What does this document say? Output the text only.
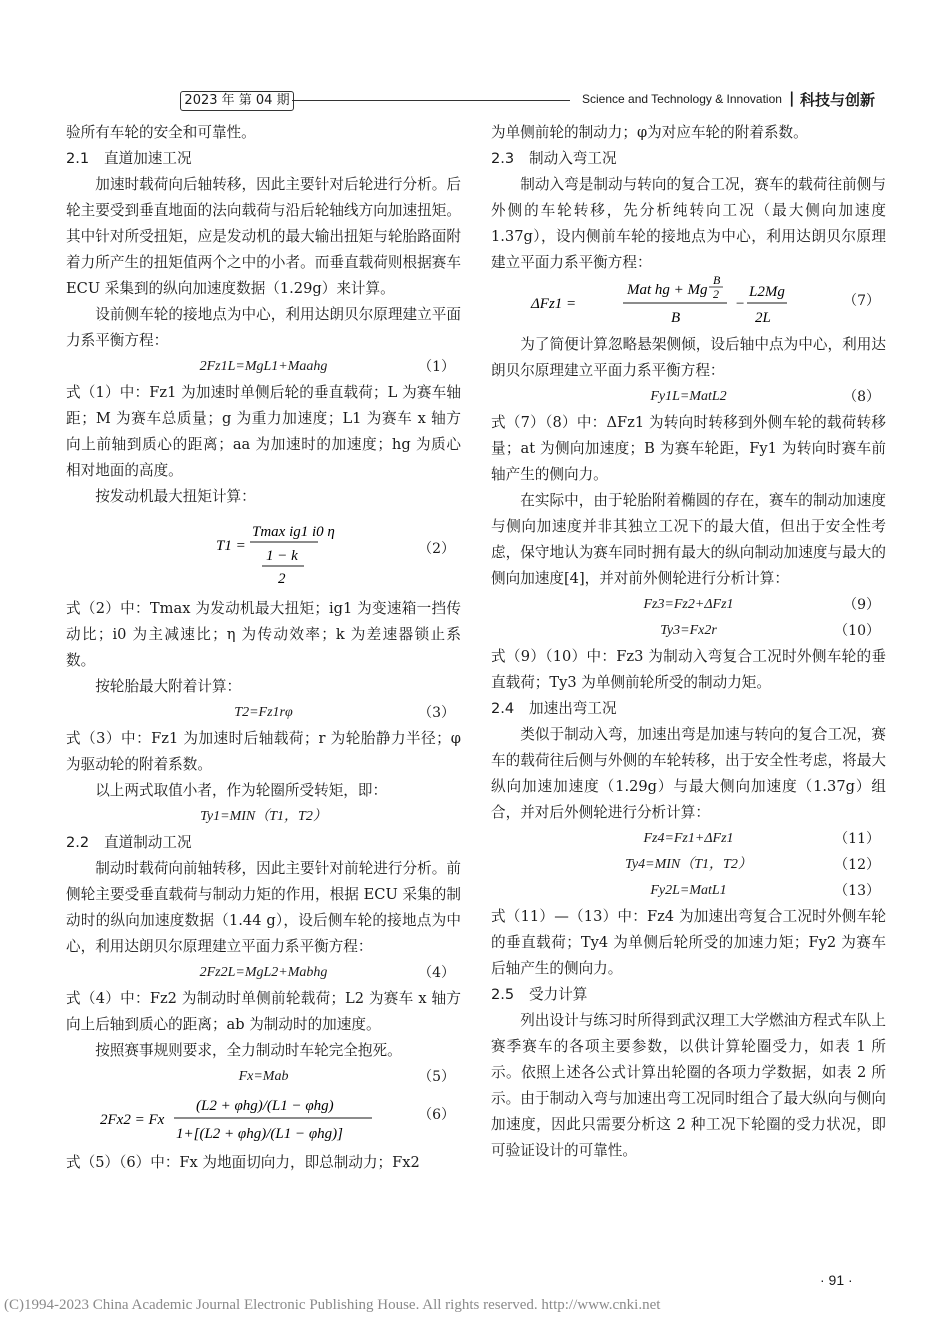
2023 年 第 04 期	Science and Technology & Innovation | 科技与创新

验所有车轮的安全和可靠性。

2.1 直道加速工况

加速时载荷向后轴转移，因此主要针对后轮进行分析。后轮主要受到垂直地面的法向载荷与沿后轮轴线方向加速扭矩。其中针对所受扭矩，应是发动机的最大输出扭矩与轮胎路面附着力所产生的扭矩值两个之中的小者。而垂直载荷则根据赛车 ECU 采集到的纵向加速度数据（1.29g）来计算。

设前侧车轮的接地点为中心，利用达朗贝尔原理建立平面力系平衡方程：

2Fz1L=MgL1+Maahg	（1）

式（1）中：Fz1 为加速时单侧后轮的垂直载荷；L 为赛车轴距；M 为赛车总质量；g 为重力加速度；L1 为赛车 x 轴方向上前轴到质心的距离；aa 为加速时的加速度；hg 为质心相对地面的高度。

按发动机最大扭矩计算：

T1 =
Tmax ig1 i0 η
1 − k
2
（2）

式（2）中：Tmax 为发动机最大扭矩；ig1 为变速箱一挡传动比；i0 为主减速比；η 为传动效率；k 为差速器锁止系数。

按轮胎最大附着计算：

T2=Fz1rφ	（3）

式（3）中：Fz1 为加速时后轴载荷；r 为轮胎静力半径；φ为驱动轮的附着系数。

以上两式取值小者，作为轮圈所受转矩，即：

Ty1=MIN（T1，T2）
2.2 直道制动工况

制动时载荷向前轴转移，因此主要针对前轮进行分析。前侧轮主要受垂直载荷与制动力矩的作用，根据 ECU 采集的制动时的纵向加速度数据（1.44 g），设后侧车轮的接地点为中心，利用达朗贝尔原理建立平面力系平衡方程：

2Fz2L=MgL2+Mabhg	（4）

式（4）中：Fz2 为制动时单侧前轮载荷；L2 为赛车 x 轴方向上后轴到质心的距离；ab 为制动时的加速度。

按照赛事规则要求，全力制动时车轮完全抱死。

Fx=Mab	（5）
2Fx2 = Fx
(L2 + φhg)/(L1 − φhg)
1+[(L2 + φhg)/(L1 − φhg)]
（6）

式（5）（6）中：Fx 为地面切向力，即总制动力；Fx2

为单侧前轮的制动力；φ为对应车轮的附着系数。

2.3 制动入弯工况

制动入弯是制动与转向的复合工况，赛车的载荷往前侧与外侧的车轮转移，先分析纯转向工况（最大侧向加速度 1.37g），设内侧前车轮的接地点为中心，利用达朗贝尔原理建立平面力系平衡方程：

ΔFz1 =
Mat hg + Mg
B
2
B
−
L2Mg
2L
（7）

为了简便计算忽略悬架侧倾，设后轴中点为中心，利用达朗贝尔原理建立平面力系平衡方程：

Fy1L=MatL2	（8）

式（7）（8）中：ΔFz1 为转向时转移到外侧车轮的载荷转移量；at 为侧向加速度；B 为赛车轮距，Fy1 为转向时赛车前轴产生的侧向力。

在实际中，由于轮胎附着椭圆的存在，赛车的制动加速度与侧向加速度并非其独立工况下的最大值，但出于安全性考虑，保守地认为赛车同时拥有最大的纵向制动加速度与最大的侧向加速度[4]，并对前外侧轮进行分析计算：

Fz3=Fz2+ΔFz1	（9）
Ty3=Fx2r	（10）

式（9）（10）中：Fz3 为制动入弯复合工况时外侧车轮的垂直载荷；Ty3 为单侧前轮所受的制动力矩。

2.4 加速出弯工况

类似于制动入弯，加速出弯是加速与转向的复合工况，赛车的载荷往后侧与外侧的车轮转移，出于安全性考虑，将最大纵向加速加速度（1.29g）与最大侧向加速度（1.37g）组合，并对后外侧轮进行分析计算：

Fz4=Fz1+ΔFz1	（11）
Ty4=MIN（T1，T2）	（12）
Fy2L=MatL1	（13）

式（11）—（13）中：Fz4 为加速出弯复合工况时外侧车轮的垂直载荷；Ty4 为单侧后轮所受的加速力矩；Fy2 为赛车后轴产生的侧向力。

2.5 受力计算

列出设计与练习时所得到武汉理工大学燃油方程式车队上赛季赛车的各项主要参数，以供计算轮圈受力，如表 1 所示。依照上述各公式计算出轮圈的各项力学数据，如表 2 所示。由于制动入弯与加速出弯工况同时组合了最大纵向与侧向加速度，因此只需要分析这 2 种工况下轮圈的受力状况，即可验证设计的可靠性。

· 91 ·
(C)1994-2023 China Academic Journal Electronic Publishing House. All rights reserved. http://www.cnki.net
